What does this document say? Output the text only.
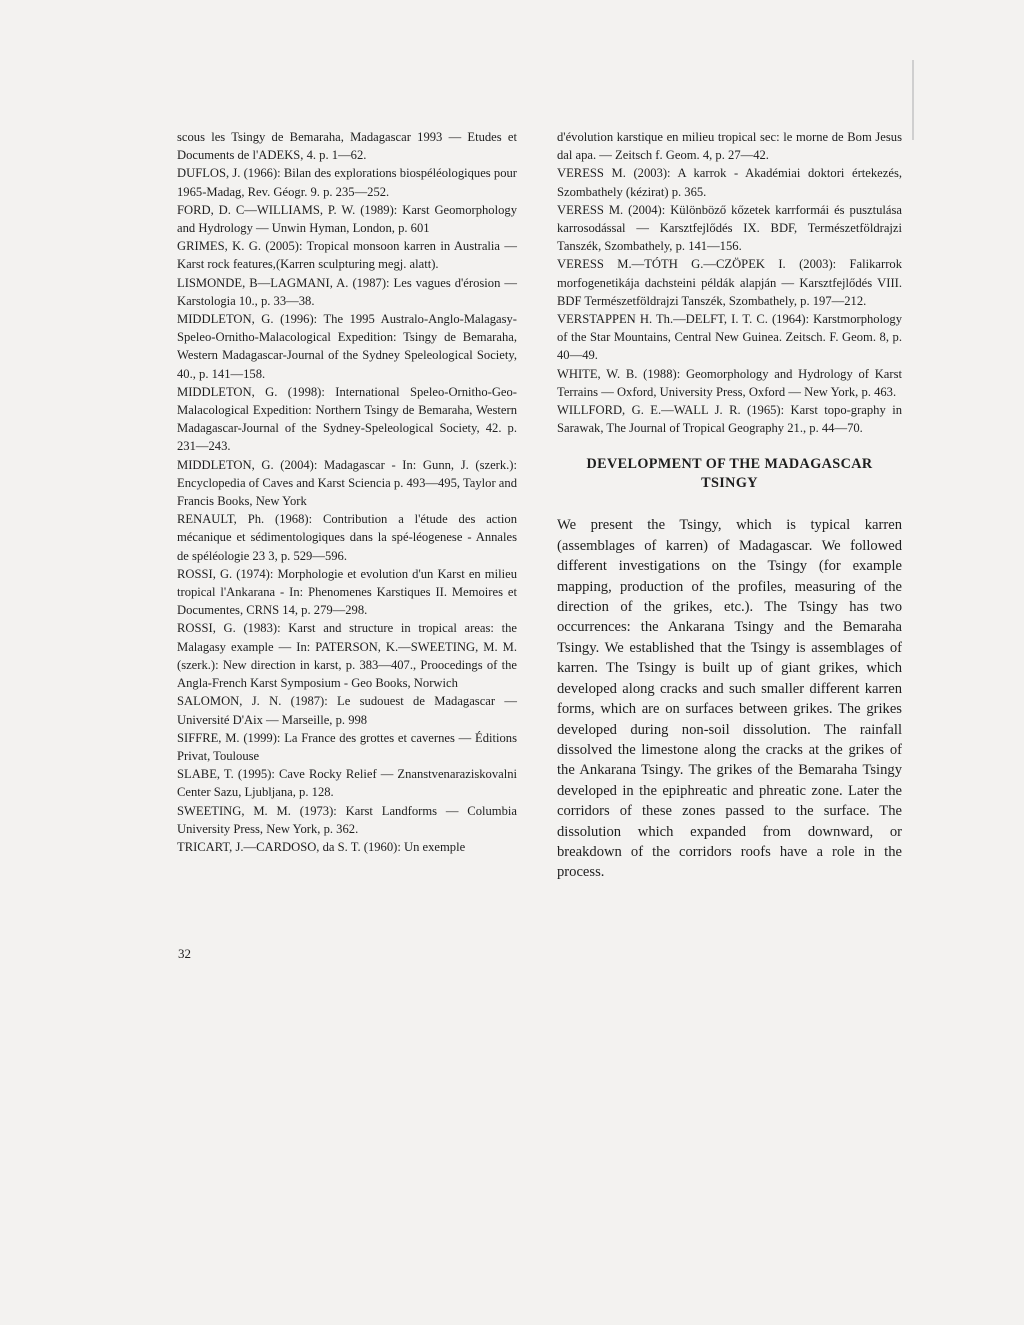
scous les Tsingy de Bemaraha, Madagascar 1993 — Etudes et Documents de l'ADEKS, 4. p. 1—62.

DUFLOS, J. (1966): Bilan des explorations biospéléologiques pour 1965-Madag, Rev. Géogr. 9. p. 235—252.

FORD, D. C—WILLIAMS, P. W. (1989): Karst Geomorphology and Hydrology — Unwin Hyman, London, p. 601

GRIMES, K. G. (2005): Tropical monsoon karren in Australia — Karst rock features,(Karren sculpturing megj. alatt).

LISMONDE, B—LAGMANI, A. (1987): Les vagues d'érosion — Karstologia 10., p. 33—38.

MIDDLETON, G. (1996): The 1995 Australo-Anglo-Malagasy-Speleo-Ornitho-Malacological Expedition: Tsingy de Bemaraha, Western Madagascar-Journal of the Sydney Speleological Society, 40., p. 141—158.

MIDDLETON, G. (1998): International Speleo-Ornitho-Geo-Malacological Expedition: Northern Tsingy de Bemaraha, Western Madagascar-Journal of the Sydney-Speleological Society, 42. p. 231—243.

MIDDLETON, G. (2004): Madagascar - In: Gunn, J. (szerk.): Encyclopedia of Caves and Karst Sciencia p. 493—495, Taylor and Francis Books, New York

RENAULT, Ph. (1968): Contribution a l'étude des action mécanique et sédimentologiques dans la spé-léogenese - Annales de spéléologie 23 3, p. 529—596.

ROSSI, G. (1974): Morphologie et evolution d'un Karst en milieu tropical l'Ankarana - In: Phenomenes Karstiques II. Memoires et Documentes, CRNS 14, p. 279—298.

ROSSI, G. (1983): Karst and structure in tropical areas: the Malagasy example — In: PATERSON, K.—SWEETING, M. M. (szerk.): New direction in karst, p. 383—407., Proocedings of the Angla-French Karst Symposium - Geo Books, Norwich

SALOMON, J. N. (1987): Le sudouest de Madagascar — Université D'Aix — Marseille, p. 998

SIFFRE, M. (1999): La France des grottes et cavernes — Éditions Privat, Toulouse

SLABE, T. (1995): Cave Rocky Relief — Znanstvenaraziskovalni Center Sazu, Ljubljana, p. 128.

SWEETING, M. M. (1973): Karst Landforms — Columbia University Press, New York, p. 362.

TRICART, J.—CARDOSO, da S. T. (1960): Un exemple

d'évolution karstique en milieu tropical sec: le morne de Bom Jesus dal apa. — Zeitsch f. Geom. 4, p. 27—42.

VERESS M. (2003): A karrok - Akadémiai doktori értekezés, Szombathely (kézirat) p. 365.

VERESS M. (2004): Különböző kőzetek karrformái és pusztulása karrosodással — Karsztfejlődés IX. BDF, Természetföldrajzi Tanszék, Szombathely, p. 141—156.

VERESS M.—TÓTH G.—CZÖPEK I. (2003): Falikarrok morfogenetikája dachsteini példák alapján — Karsztfejlődés VIII. BDF Természetföldrajzi Tanszék, Szombathely, p. 197—212.

VERSTAPPEN H. Th.—DELFT, I. T. C. (1964): Karstmorphology of the Star Mountains, Central New Guinea. Zeitsch. F. Geom. 8, p. 40—49.

WHITE, W. B. (1988): Geomorphology and Hydrology of Karst Terrains — Oxford, University Press, Oxford — New York, p. 463.

WILLFORD, G. E.—WALL J. R. (1965): Karst topo-graphy in Sarawak, The Journal of Tropical Geography 21., p. 44—70.

DEVELOPMENT OF THE MADAGASCAR TSINGY

We present the Tsingy, which is typical karren (assemblages of karren) of Madagascar. We followed different investigations on the Tsingy (for example mapping, production of the profiles, measuring of the direction of the grikes, etc.). The Tsingy has two occurrences: the Ankarana Tsingy and the Bemaraha Tsingy. We established that the Tsingy is assemblages of karren. The Tsingy is built up of giant grikes, which developed along cracks and such smaller different karren forms, which are on surfaces between grikes. The grikes developed during non-soil dissolution. The rainfall dissolved the limestone along the cracks at the grikes of the Ankarana Tsingy. The grikes of the Bemaraha Tsingy developed in the epiphreatic and phreatic zone. Later the corridors of these zones passed to the surface. The dissolution which expanded from downward, or breakdown of the corridors roofs have a role in the process.

32
